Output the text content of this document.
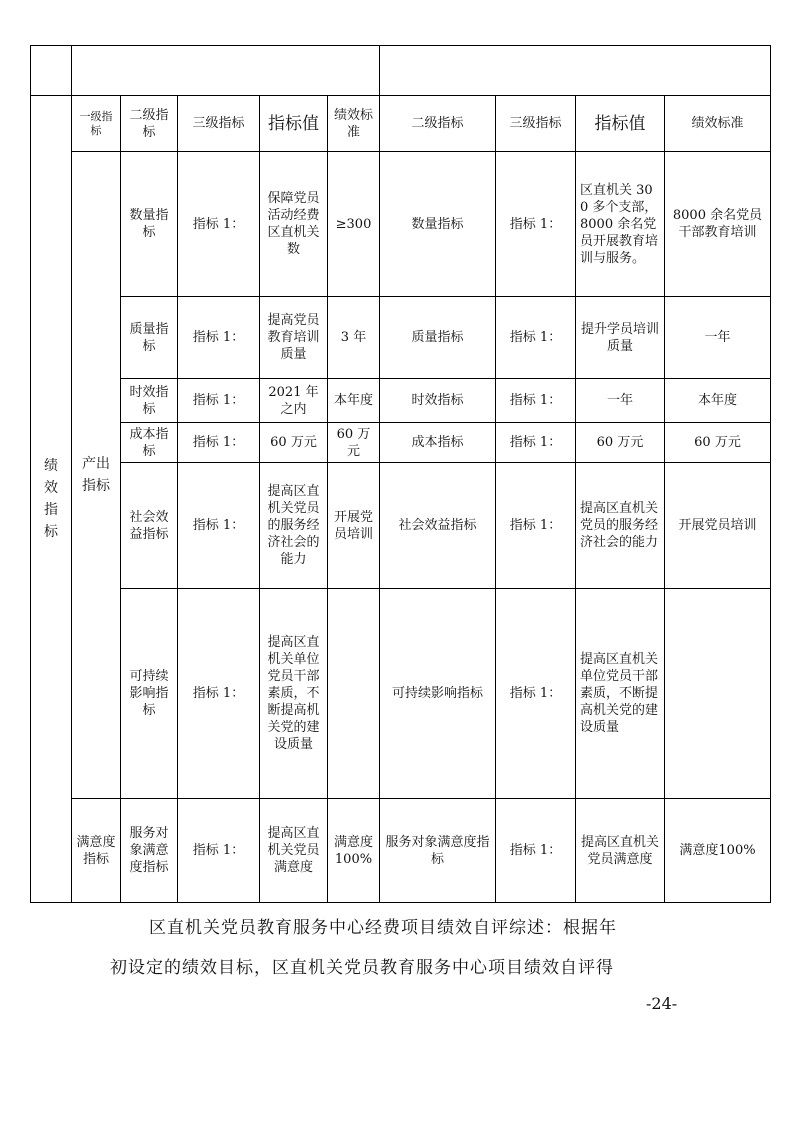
绩效指标	一级指标	二级指标	三级指标	指标值	绩效标准	二级指标	三级指标	指标值	绩效标准
	产出指标	数量指标	指标 1：	保障党员活动经费区直机关数	≥300	数量指标	指标 1：	区直机关 300 多个支部，8000 余名党员开展教育培训与服务。	8000 余名党员干部教育培训
		质量指标	指标 1：	提高党员教育培训质量	3 年	质量指标	指标 1：	提升学员培训质量	一年
		时效指标	指标 1：	2021 年之内	本年度	时效指标	指标 1：	一年	本年度
		成本指标	指标 1：	60 万元	60 万元	成本指标	指标 1：	60 万元	60 万元
		社会效益指标	指标 1：	提高区直机关党员的服务经济社会的能力	开展党员培训	社会效益指标	指标 1：	提高区直机关党员的服务经济社会的能力	开展党员培训
		可持续影响指标	指标 1：	提高区直机关单位党员干部素质，不断提高机关党的建设质量		可持续影响指标	指标 1：	提高区直机关单位党员干部素质，不断提高机关党的建设质量	
	满意度指标	服务对象满意度指标	指标 1：	提高区直机关党员满意度	满意度100%	服务对象满意度指标	指标 1：	提高区直机关党员满意度	满意度100%
区直机关党员教育服务中心经费项目绩效自评综述：根据年
初设定的绩效目标，区直机关党员教育服务中心项目绩效自评得
-24-
